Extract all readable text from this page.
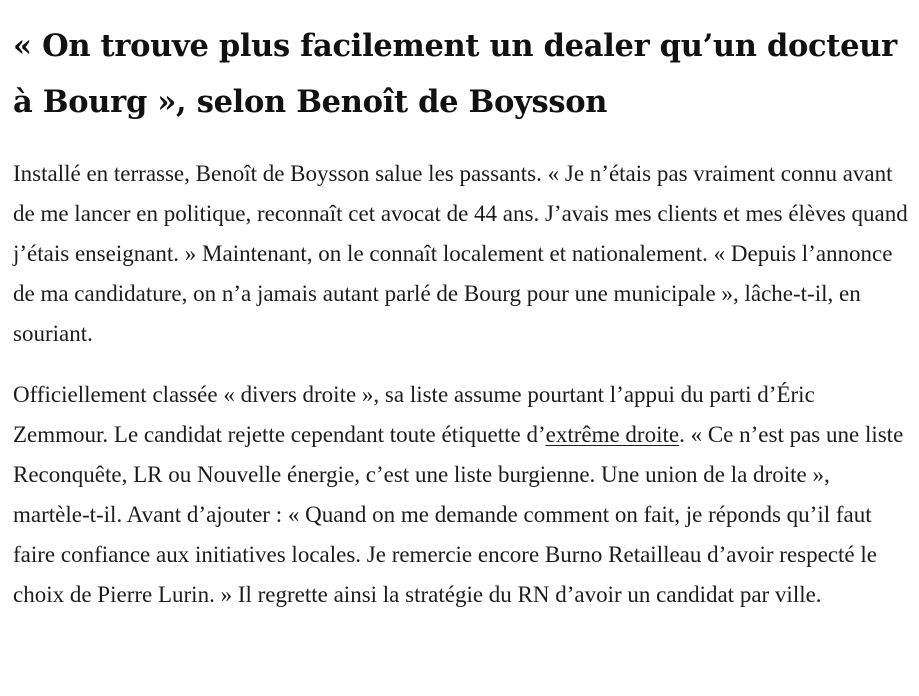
« On trouve plus facilement un dealer qu’un docteur à Bourg », selon Benoît de Boysson

Installé en terrasse, Benoît de Boysson salue les passants. « Je n’étais pas vraiment connu avant de me lancer en politique, reconnaît cet avocat de 44 ans. J’avais mes clients et mes élèves quand j’étais enseignant. » Maintenant, on le connaît localement et nationalement. « Depuis l’annonce de ma candidature, on n’a jamais autant parlé de Bourg pour une municipale », lâche-t-il, en souriant.

Officiellement classée « divers droite », sa liste assume pourtant l’appui du parti d’Éric Zemmour. Le candidat rejette cependant toute étiquette d’extrême droite. « Ce n’est pas une liste Reconquête, LR ou Nouvelle énergie, c’est une liste burgienne. Une union de la droite », martèle-t-il. Avant d’ajouter : « Quand on me demande comment on fait, je réponds qu’il faut faire confiance aux initiatives locales. Je remercie encore Burno Retailleau d’avoir respecté le choix de Pierre Lurin. » Il regrette ainsi la stratégie du RN d’avoir un candidat par ville.
